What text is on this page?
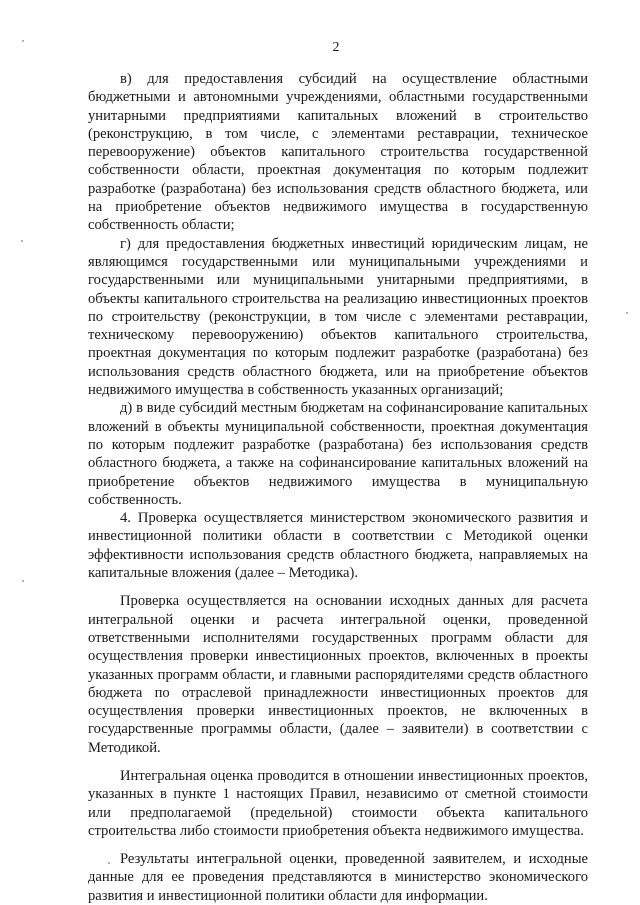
2

в) для предоставления субсидий на осуществление областными бюджетными и автономными учреждениями, областными государственными унитарными предприятиями капитальных вложений в строительство (реконструкцию, в том числе, с элементами реставрации, техническое перевооружение) объектов капитального строительства государственной собственности области, проектная документация по которым подлежит разработке (разработана) без использования средств областного бюджета, или на приобретение объектов недвижимого имущества в государственную собственность области;

г) для предоставления бюджетных инвестиций юридическим лицам, не являющимся государственными или муниципальными учреждениями и государственными или муниципальными унитарными предприятиями, в объекты капитального строительства на реализацию инвестиционных проектов по строительству (реконструкции, в том числе с элементами реставрации, техническому перевооружению) объектов капитального строительства, проектная документация по которым подлежит разработке (разработана) без использования средств областного бюджета, или на приобретение объектов недвижимого имущества в собственность указанных организаций;

д) в виде субсидий местным бюджетам на софинансирование капитальных вложений в объекты муниципальной собственности, проектная документация по которым подлежит разработке (разработана) без использования средств областного бюджета, а также на софинансирование капитальных вложений на приобретение объектов недвижимого имущества в муниципальную собственность.

4. Проверка осуществляется министерством экономического развития и инвестиционной политики области в соответствии с Методикой оценки эффективности использования средств областного бюджета, направляемых на капитальные вложения (далее – Методика).

Проверка осуществляется на основании исходных данных для расчета интегральной оценки и расчета интегральной оценки, проведенной ответственными исполнителями государственных программ области для осуществления проверки инвестиционных проектов, включенных в проекты указанных программ области, и главными распорядителями средств областного бюджета по отраслевой принадлежности инвестиционных проектов для осуществления проверки инвестиционных проектов, не включенных в государственные программы области, (далее – заявители) в соответствии с Методикой.

Интегральная оценка проводится в отношении инвестиционных проектов, указанных в пункте 1 настоящих Правил, независимо от сметной стоимости или предполагаемой (предельной) стоимости объекта капитального строительства либо стоимости приобретения объекта недвижимого имущества.

Результаты интегральной оценки, проведенной заявителем, и исходные данные для ее проведения представляются в министерство экономического развития и инвестиционной политики области для информации.
